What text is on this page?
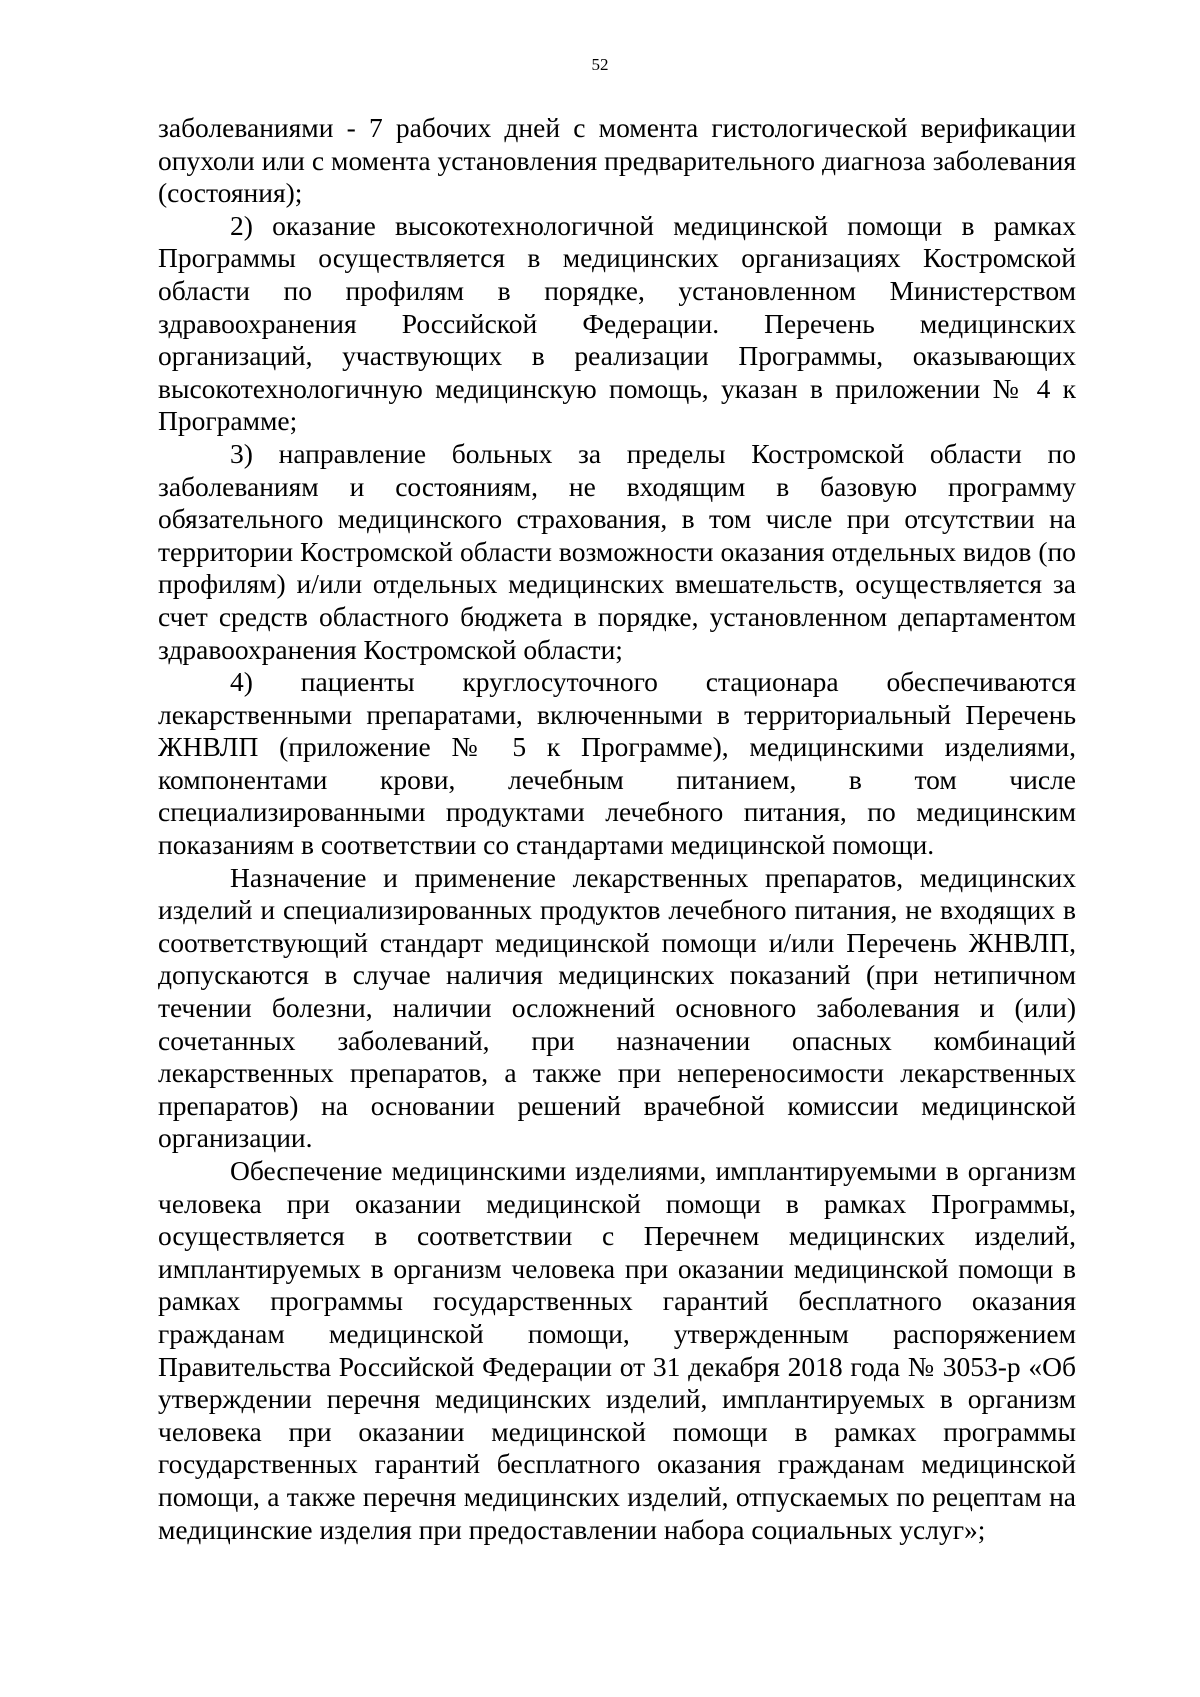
52

заболеваниями - 7 рабочих дней с момента гистологической верификации опухоли или с момента установления предварительного диагноза заболевания (состояния);

2) оказание высокотехнологичной медицинской помощи в рамках Программы осуществляется в медицинских организациях Костромской области по профилям в порядке, установленном Министерством здравоохранения Российской Федерации. Перечень медицинских организаций, участвующих в реализации Программы, оказывающих высокотехнологичную медицинскую помощь, указан в приложении № 4 к Программе;

3) направление больных за пределы Костромской области по заболеваниям и состояниям, не входящим в базовую программу обязательного медицинского страхования, в том числе при отсутствии на территории Костромской области возможности оказания отдельных видов (по профилям) и/или отдельных медицинских вмешательств, осуществляется за счет средств областного бюджета в порядке, установленном департаментом здравоохранения Костромской области;

4) пациенты круглосуточного стационара обеспечиваются лекарственными препаратами, включенными в территориальный Перечень ЖНВЛП (приложение № 5 к Программе), медицинскими изделиями, компонентами крови, лечебным питанием, в том числе специализированными продуктами лечебного питания, по медицинским показаниям в соответствии со стандартами медицинской помощи.

Назначение и применение лекарственных препаратов, медицинских изделий и специализированных продуктов лечебного питания, не входящих в соответствующий стандарт медицинской помощи и/или Перечень ЖНВЛП, допускаются в случае наличия медицинских показаний (при нетипичном течении болезни, наличии осложнений основного заболевания и (или) сочетанных заболеваний, при назначении опасных комбинаций лекарственных препаратов, а также при непереносимости лекарственных препаратов) на основании решений врачебной комиссии медицинской организации.

Обеспечение медицинскими изделиями, имплантируемыми в организм человека при оказании медицинской помощи в рамках Программы, осуществляется в соответствии с Перечнем медицинских изделий, имплантируемых в организм человека при оказании медицинской помощи в рамках программы государственных гарантий бесплатного оказания гражданам медицинской помощи, утвержденным распоряжением Правительства Российской Федерации от 31 декабря 2018 года № 3053-р «Об утверждении перечня медицинских изделий, имплантируемых в организм человека при оказании медицинской помощи в рамках программы государственных гарантий бесплатного оказания гражданам медицинской помощи, а также перечня медицинских изделий, отпускаемых по рецептам на медицинские изделия при предоставлении набора социальных услуг»;
